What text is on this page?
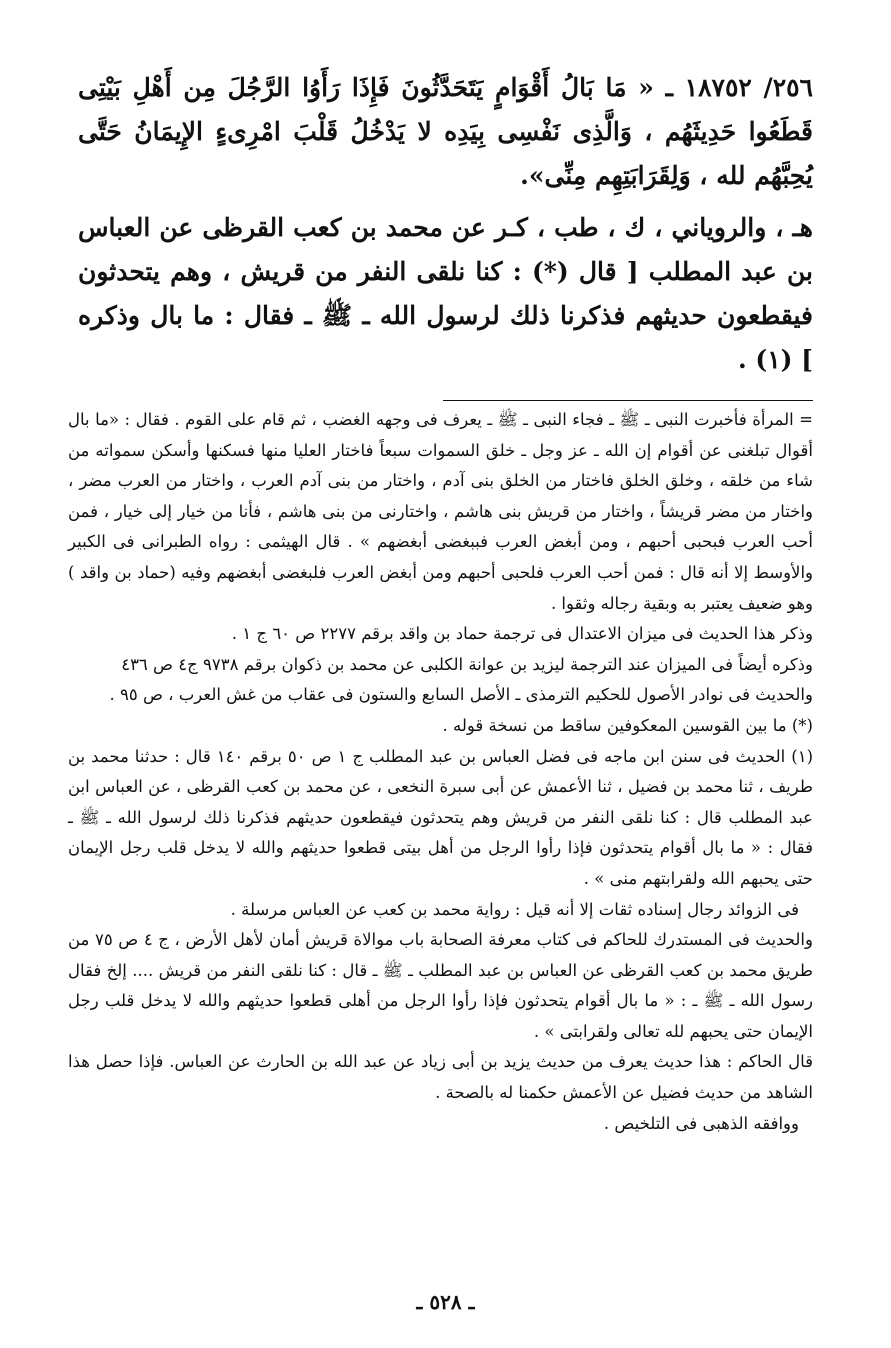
٢٥٦/ ١٨٧٥٢ ـ « مَا بَالُ أَقْوَامٍ يَتَحَدَّثُونَ فَإِذَا رَأَوُا الرَّجُلَ مِن أَهْلِ بَيْتِى قَطَعُوا حَدِيثَهُم ، وَالَّذِى نَفْسِى بِيَدِه لا يَدْخُلُ قَلْبَ امْرِىءٍ الإِيمَانُ حَتَّى يُحِبَّهُم لله ، وَلِقَرَابَتِهِم مِنِّى».

هـ ، والروياني ، ك ، طب ، كـر عن محمد بن كعب القرظى عن العباس بن عبد المطلب [ قال (*) : كنا نلقى النفر من قريش ، وهم يتحدثون فيقطعون حديثهم فذكرنا ذلك لرسول الله ـ ﷺ ـ فقال : ما بال وذكره ] (١) .

= المرأة فأخبرت النبى ـ ﷺ ـ فجاء النبى ـ ﷺ ـ يعرف فى وجهه الغضب ، ثم قام على القوم . فقال : «ما بال أقوال تبلغنى عن أقوام إن الله ـ عز وجل ـ خلق السموات سبعاً فاختار العليا منها فسكنها وأسكن سمواته من شاء من خلقه ، وخلق الخلق فاختار من الخلق بنى آدم ، واختار من بنى آدم العرب ، واختار من العرب مضر ، واختار من مضر قريشاً ، واختار من قريش بنى هاشم ، واختارنى من بنى هاشم ، فأنا من خيار إلى خيار ، فمن أحب العرب فبحبى أحبهم ، ومن أبغض العرب فببغضى أبغضهم » . قال الهيثمى : رواه الطبرانى فى الكبير والأوسط إلا أنه قال : فمن أحب العرب فلحبى أحبهم ومن أبغض العرب فلبغضى أبغضهم وفيه (حماد بن واقد ) وهو ضعيف يعتبر به وبقية رجاله وثقوا .

وذكر هذا الحديث فى ميزان الاعتدال فى ترجمة حماد بن واقد برقم ٢٢٧٧ ص ٦٠ ج ١ .

وذكره أيضاً فى الميزان عند الترجمة ليزيد بن عوانة الكلبى عن محمد بن ذكوان برقم ٩٧٣٨ ج٤ ص ٤٣٦

والحديث فى نوادر الأصول للحكيم الترمذى ـ الأصل السابع والستون فى عقاب من غش العرب ، ص ٩٥ .

(*) ما بين القوسين المعكوفين ساقط من نسخة قوله .

(١) الحديث فى سنن ابن ماجه فى فضل العباس بن عبد المطلب ج ١ ص ٥٠ برقم ١٤٠ قال : حدثنا محمد بن طريف ، ثنا محمد بن فضيل ، ثنا الأعمش عن أبى سبرة النخعى ، عن محمد بن كعب القرظى ، عن العباس ابن عبد المطلب قال : كنا نلقى النفر من قريش وهم يتحدثون فيقطعون حديثهم فذكرنا ذلك لرسول الله ـ ﷺ ـ فقال : « ما بال أقوام يتحدثون فإذا رأوا الرجل من أهل بيتى قطعوا حديثهم والله لا يدخل قلب رجل الإيمان حتى يحبهم الله ولقرابتهم منى » .

فى الزوائد رجال إسناده ثقات إلا أنه قيل : رواية محمد بن كعب عن العباس مرسلة .

والحديث فى المستدرك للحاكم فى كتاب معرفة الصحابة باب موالاة قريش أمان لأهل الأرض ، ج ٤ ص ٧٥ من طريق محمد بن كعب القرظى عن العباس بن عبد المطلب ـ ﷺ ـ قال : كنا نلقى النفر من قريش .... إلخ فقال رسول الله ـ ﷺ ـ : « ما بال أقوام يتحدثون فإذا رأوا الرجل من أهلى قطعوا حديثهم والله لا يدخل قلب رجل الإيمان حتى يحبهم لله تعالى ولقرابتى » .

قال الحاكم : هذا حديث يعرف من حديث يزيد بن أبى زياد عن عبد الله بن الحارث عن العباس. فإذا حصل هذا الشاهد من حديث فضيل عن الأعمش حكمنا له بالصحة .

ووافقه الذهبى فى التلخيص .

ـ ٥٢٨ ـ
